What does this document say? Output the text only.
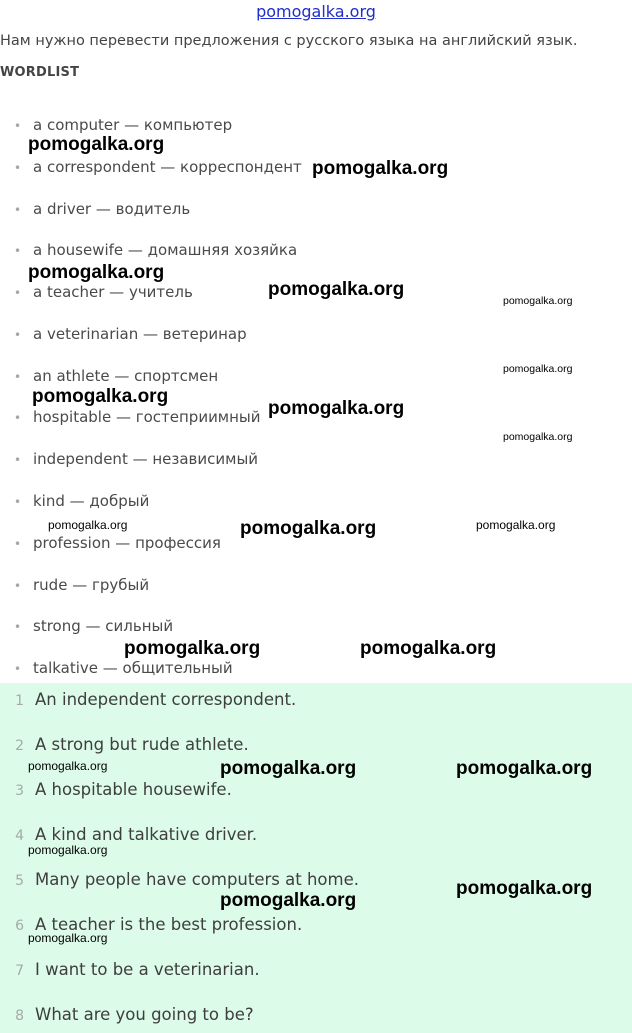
pomogalka.org
Нам нужно перевести предложения с русского языка на английский язык.
WORDLIST
• a computer — компьютер
• a correspondent — корреспондент
• a driver — водитель
• a housewife — домашняя хозяйка
• a teacher — учитель
• a veterinarian — ветеринар
• an athlete — спортсмен
• hospitable — гостеприимный
• independent — независимый
• kind — добрый
• profession — профессия
• rude — грубый
• strong — сильный
• talkative — общительный
1 An independent correspondent.
2 A strong but rude athlete.
3 A hospitable housewife.
4 A kind and talkative driver.
5 Many people have computers at home.
6 A teacher is the best profession.
7 I want to be a veterinarian.
8 What are you going to be?
pomogalka.org
pomogalka.org
pomogalka.org
pomogalka.org
pomogalka.org
pomogalka.org
pomogalka.org
pomogalka.org
pomogalka.org
pomogalka.org	pomogalka.org	pomogalka.org
pomogalka.org	pomogalka.org
pomogalka.org	pomogalka.org	pomogalka.org
pomogalka.org
pomogalka.org
pomogalka.org
pomogalka.org
